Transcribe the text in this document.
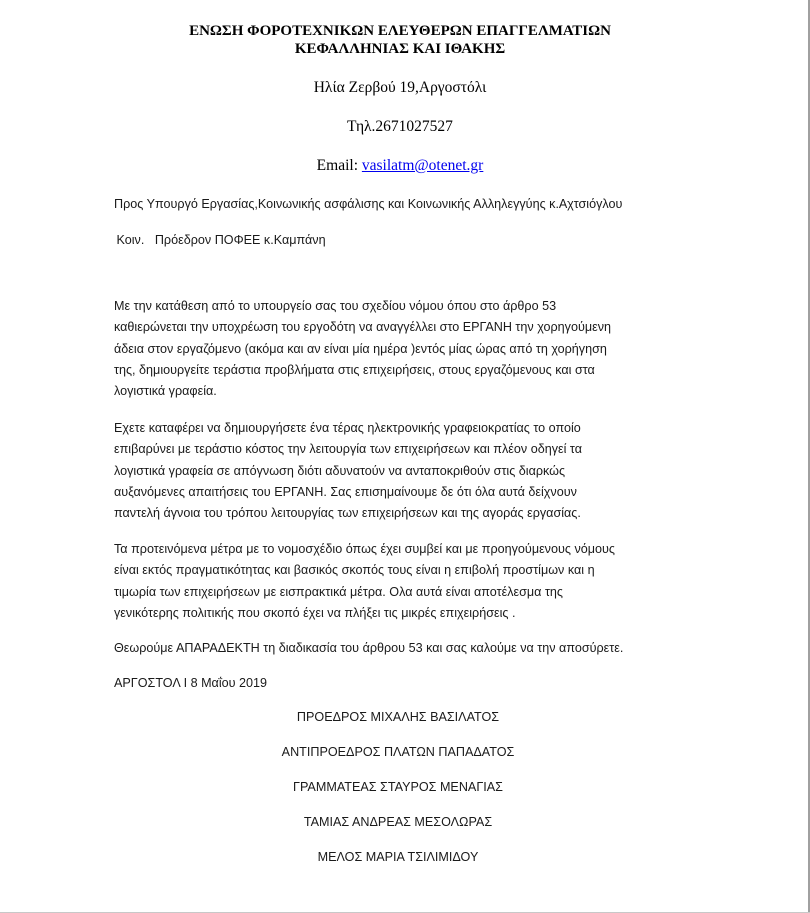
ΕΝΩΣΗ ΦΟΡΟΤΕΧΝΙΚΩΝ ΕΛΕΥΘΕΡΩΝ ΕΠΑΓΓΕΛΜΑΤΙΩΝ
ΚΕΦΑΛΛΗΝΙΑΣ ΚΑΙ ΙΘΑΚΗΣ
Ηλία Ζερβού 19,Αργοστόλι
Τηλ.2671027527
Email: vasilatm@otenet.gr
Προς Υπουργό Εργασίας,Κοινωνικής ασφάλισης και Κοινωνικής Αλληλεγγύης κ.Αχτσιόγλου
Κοιν.   Πρόεδρον ΠΟΦΕΕ κ.Καμπάνη
Με την κατάθεση από το υπουργείο σας του σχεδίου νόμου όπου στο άρθρο 53
καθιερώνεται την υποχρέωση του εργοδότη να αναγγέλλει στο ΕΡΓΑΝΗ την χορηγούμενη
άδεια στον εργαζόμενο (ακόμα και αν είναι μία ημέρα )εντός μίας ώρας από τη χορήγηση
της, δημιουργείτε τεράστια προβλήματα στις επιχειρήσεις, στους εργαζόμενους και στα
λογιστικά γραφεία.
Εχετε καταφέρει να δημιουργήσετε ένα τέρας ηλεκτρονικής γραφειοκρατίας το οποίο
επιβαρύνει με τεράστιο κόστος την λειτουργία των επιχειρήσεων και πλέον οδηγεί τα
λογιστικά γραφεία σε απόγνωση διότι αδυνατούν να ανταποκριθούν στις διαρκώς
αυξανόμενες απαιτήσεις του ΕΡΓΑΝΗ. Σας επισημαίνουμε δε ότι όλα αυτά δείχνουν
παντελή άγνοια του τρόπου λειτουργίας των επιχειρήσεων και της αγοράς εργασίας.
Τα προτεινόμενα μέτρα με το νομοσχέδιο όπως έχει συμβεί και με προηγούμενους νόμους
είναι εκτός πραγματικότητας και βασικός σκοπός τους είναι η επιβολή προστίμων και η
τιμωρία των επιχειρήσεων με εισπρακτικά μέτρα. Ολα αυτά είναι αποτέλεσμα της
γενικότερης πολιτικής που σκοπό έχει να πλήξει τις μικρές επιχειρήσεις .
Θεωρούμε ΑΠΑΡΑΔΕΚΤΗ τη διαδικασία του άρθρου 53 και σας καλούμε να την αποσύρετε.
ΑΡΓΟΣΤΟΛ Ι 8 Μαΐου 2019
ΠΡΟΕΔΡΟΣ ΜΙΧΑΛΗΣ ΒΑΣΙΛΑΤΟΣ
ΑΝΤΙΠΡΟΕΔΡΟΣ ΠΛΑΤΩΝ ΠΑΠΑΔΑΤΟΣ
ΓΡΑΜΜΑΤΕΑΣ ΣΤΑΥΡΟΣ ΜΕΝΑΓΙΑΣ
ΤΑΜΙΑΣ ΑΝΔΡΕΑΣ ΜΕΣΟΛΩΡΑΣ
ΜΕΛΟΣ ΜΑΡΙΑ ΤΣΙΛΙΜΙΔΟΥ
